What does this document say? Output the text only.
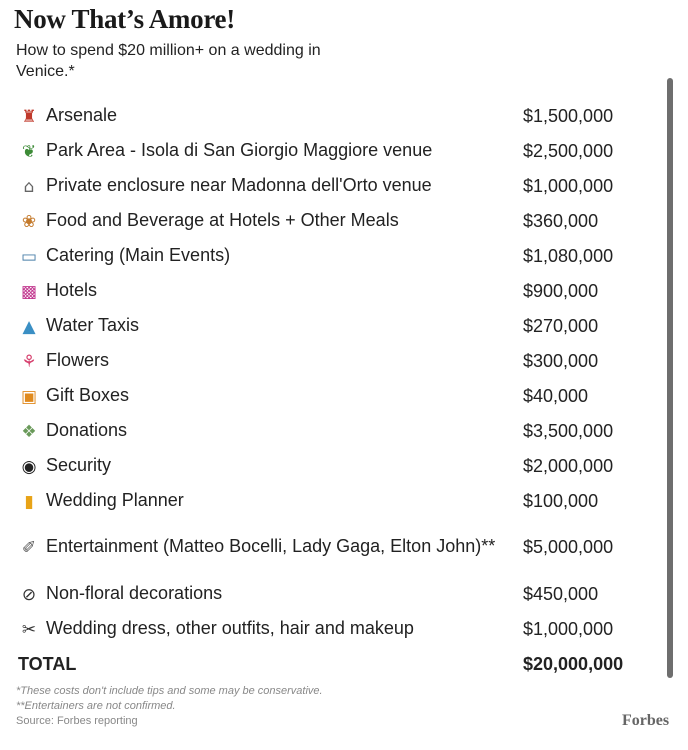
Now That’s Amore!
How to spend $20 million+ on a wedding in Venice.*
♜ Arsenale	$1,500,000
❦ Park Area - Isola di San Giorgio Maggiore venue	$2,500,000
⌂ Private enclosure near Madonna dell'Orto venue	$1,000,000
❀ Food and Beverage at Hotels + Other Meals	$360,000
▭ Catering (Main Events)	$1,080,000
▩ Hotels	$900,000
▲ Water Taxis	$270,000
⚘ Flowers	$300,000
▣ Gift Boxes	$40,000
❖ Donations	$3,500,000
◉ Security	$2,000,000
▮ Wedding Planner	$100,000
✐ Entertainment (Matteo Bocelli, Lady Gaga, Elton John)**	$5,000,000
⊘ Non-floral decorations	$450,000
✂ Wedding dress, other outfits, hair and makeup	$1,000,000
TOTAL	$20,000,000
*These costs don't include tips and some may be conservative.
**Entertainers are not confirmed.
Source: Forbes reporting	Forbes
